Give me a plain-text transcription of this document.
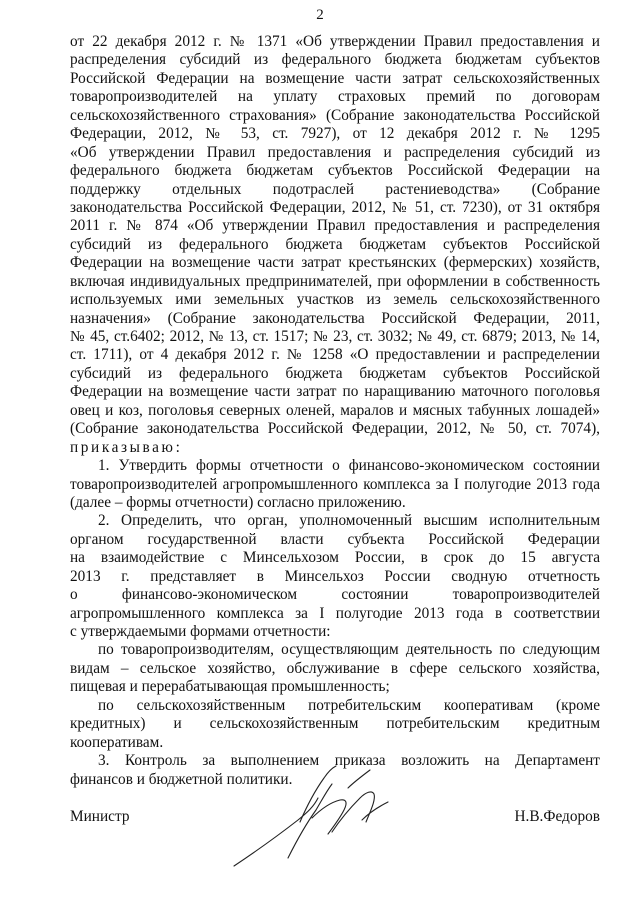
2
от 22 декабря 2012 г. № 1371 «Об утверждении Правил предоставления и
распределения субсидий из федерального бюджета бюджетам субъектов
Российской Федерации на возмещение части затрат сельскохозяйственных
товаропроизводителей на уплату страховых премий по договорам
сельскохозяйственного страхования» (Собрание законодательства Российской
Федерации, 2012, № 53, ст. 7927), от 12 декабря 2012 г. № 1295
«Об утверждении Правил предоставления и распределения субсидий из
федерального бюджета бюджетам субъектов Российской Федерации на
поддержку отдельных подотраслей растениеводства» (Собрание
законодательства Российской Федерации, 2012, № 51, ст. 7230), от 31 октября
2011 г. № 874 «Об утверждении Правил предоставления и распределения
субсидий из федерального бюджета бюджетам субъектов Российской
Федерации на возмещение части затрат крестьянских (фермерских) хозяйств,
включая индивидуальных предпринимателей, при оформлении в собственность
используемых ими земельных участков из земель сельскохозяйственного
назначения» (Собрание законодательства Российской Федерации, 2011,
№ 45, ст.6402; 2012, № 13, ст. 1517; № 23, ст. 3032; № 49, ст. 6879; 2013, № 14,
ст. 1711), от 4 декабря 2012 г. № 1258 «О предоставлении и распределении
субсидий из федерального бюджета бюджетам субъектов Российской
Федерации на возмещение части затрат по наращиванию маточного поголовья
овец и коз, поголовья северных оленей, маралов и мясных табунных лошадей»
(Собрание законодательства Российской Федерации, 2012, № 50, ст. 7074),
приказываю:
1. Утвердить формы отчетности о финансово-экономическом состоянии
товаропроизводителей агропромышленного комплекса за I полугодие 2013 года
(далее – формы отчетности) согласно приложению.
2. Определить, что орган, уполномоченный высшим исполнительным
органом государственной власти субъекта Российской Федерации
на взаимодействие с Минсельхозом России, в срок до 15 августа
2013 г. представляет в Минсельхоз России сводную отчетность
о финансово-экономическом состоянии товаропроизводителей
агропромышленного комплекса за I полугодие 2013 года в соответствии
с утверждаемыми формами отчетности:
по товаропроизводителям, осуществляющим деятельность по следующим
видам – сельское хозяйство, обслуживание в сфере сельского хозяйства,
пищевая и перерабатывающая промышленность;
по сельскохозяйственным потребительским кооперативам (кроме
кредитных) и сельскохозяйственным потребительским кредитным
кооперативам.
3. Контроль за выполнением приказа возложить на Департамент
финансов и бюджетной политики.
Министр	Н.В.Федоров
